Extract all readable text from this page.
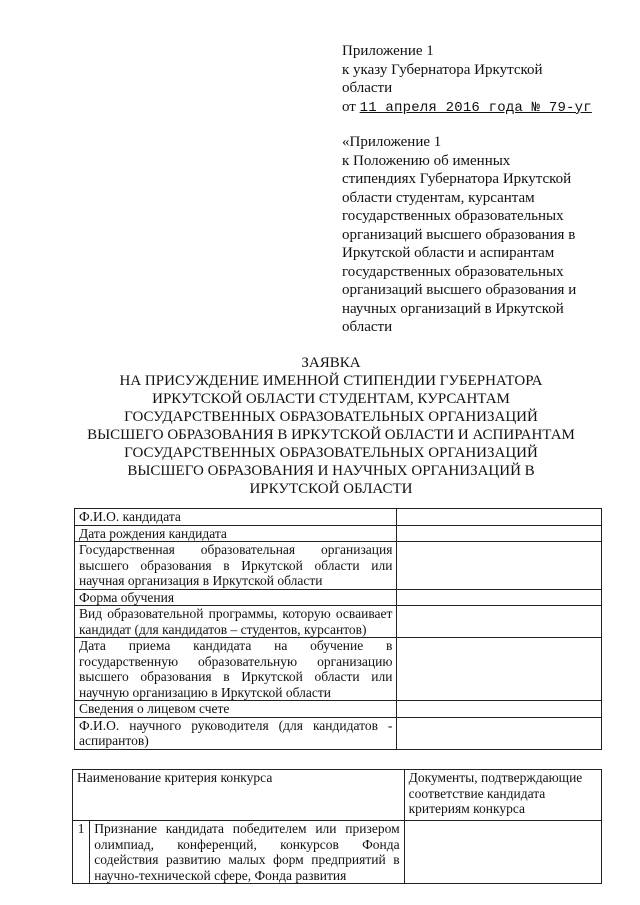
Приложение 1
к указу Губернатора Иркутской
области
от 11 апреля 2016 года № 79-уг
«Приложение 1
к Положению об именных
стипендиях Губернатора Иркутской
области студентам, курсантам
государственных образовательных
организаций высшего образования в
Иркутской области и аспирантам
государственных образовательных
организаций высшего образования и
научных организаций в Иркутской
области
ЗАЯВКА
НА ПРИСУЖДЕНИЕ ИМЕННОЙ СТИПЕНДИИ ГУБЕРНАТОРА
ИРКУТСКОЙ ОБЛАСТИ СТУДЕНТАМ, КУРСАНТАМ
ГОСУДАРСТВЕННЫХ ОБРАЗОВАТЕЛЬНЫХ ОРГАНИЗАЦИЙ
ВЫСШЕГО ОБРАЗОВАНИЯ В ИРКУТСКОЙ ОБЛАСТИ И АСПИРАНТАМ
ГОСУДАРСТВЕННЫХ ОБРАЗОВАТЕЛЬНЫХ ОРГАНИЗАЦИЙ
ВЫСШЕГО ОБРАЗОВАНИЯ И НАУЧНЫХ ОРГАНИЗАЦИЙ В
ИРКУТСКОЙ ОБЛАСТИ
Ф.И.О. кандидата	
Дата рождения кандидата	
Государственная образовательная организация высшего образования в Иркутской области или научная организация в Иркутской области	
Форма обучения	
Вид образовательной программы, которую осваивает кандидат (для кандидатов – студентов, курсантов)	
Дата приема кандидата на обучение в государственную образовательную организацию высшего образования в Иркутской области или научную организацию в Иркутской области	
Сведения о лицевом счете	
Ф.И.О. научного руководителя (для кандидатов - аспирантов)	
Наименование критерия конкурса		Документы, подтверждающие соответствие кандидата критериям конкурса
1	Признание кандидата победителем или призером олимпиад, конференций, конкурсов Фонда содействия развитию малых форм предприятий в научно-технической сфере, Фонда развития	
